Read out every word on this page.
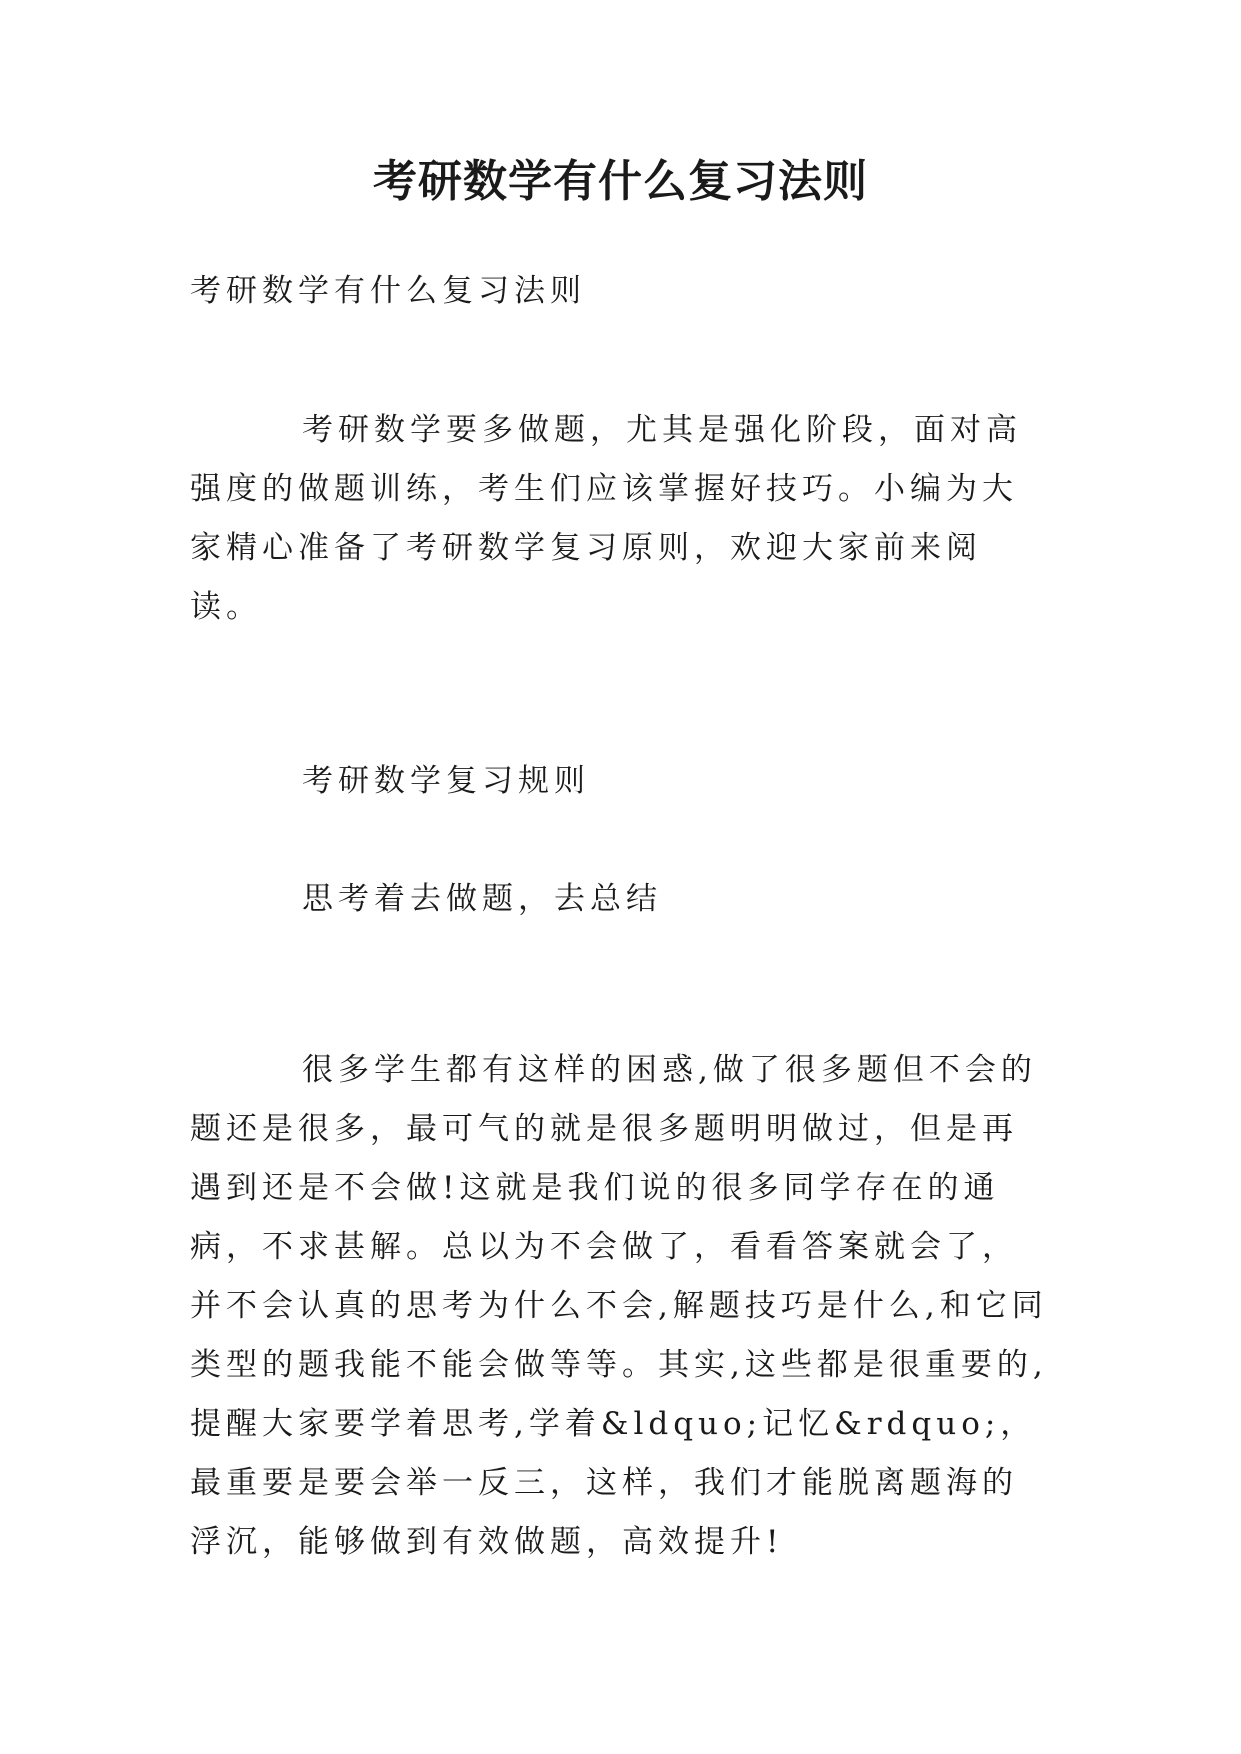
考研数学有什么复习法则

考研数学有什么复习法则

考研数学要多做题，尤其是强化阶段，面对高强度的做题训练，考生们应该掌握好技巧。小编为大家精心准备了考研数学复习原则，欢迎大家前来阅读。

考研数学复习规则

思考着去做题，去总结

很多学生都有这样的困惑,做了很多题但不会的题还是很多，最可气的就是很多题明明做过，但是再遇到还是不会做!这就是我们说的很多同学存在的通病，不求甚解。总以为不会做了，看看答案就会了，并不会认真的思考为什么不会,解题技巧是什么,和它同类型的题我能不能会做等等。其实,这些都是很重要的,提醒大家要学着思考,学着&ldquo;记忆&rdquo;，最重要是要会举一反三，这样，我们才能脱离题海的浮沉，能够做到有效做题，高效提升!
